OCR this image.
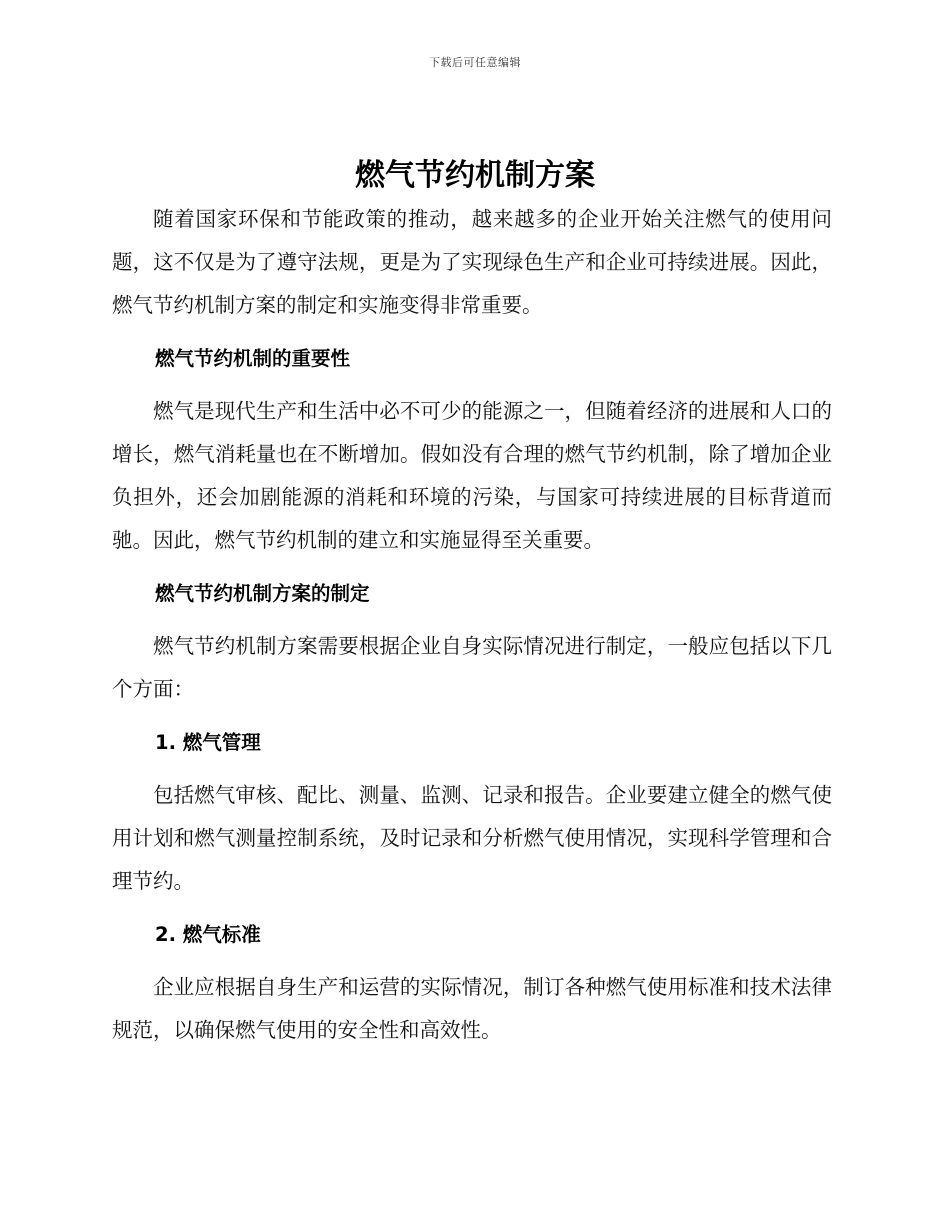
下载后可任意编辑
燃气节约机制方案

随着国家环保和节能政策的推动，越来越多的企业开始关注燃气的使用问题，这不仅是为了遵守法规，更是为了实现绿色生产和企业可持续进展。因此，燃气节约机制方案的制定和实施变得非常重要。

燃气节约机制的重要性

燃气是现代生产和生活中必不可少的能源之一，但随着经济的进展和人口的增长，燃气消耗量也在不断增加。假如没有合理的燃气节约机制，除了增加企业负担外，还会加剧能源的消耗和环境的污染，与国家可持续进展的目标背道而驰。因此，燃气节约机制的建立和实施显得至关重要。

燃气节约机制方案的制定

燃气节约机制方案需要根据企业自身实际情况进行制定，一般应包括以下几个方面：

1. 燃气管理

包括燃气审核、配比、测量、监测、记录和报告。企业要建立健全的燃气使用计划和燃气测量控制系统，及时记录和分析燃气使用情况，实现科学管理和合理节约。

2. 燃气标准

企业应根据自身生产和运营的实际情况，制订各种燃气使用标准和技术法律规范，以确保燃气使用的安全性和高效性。
